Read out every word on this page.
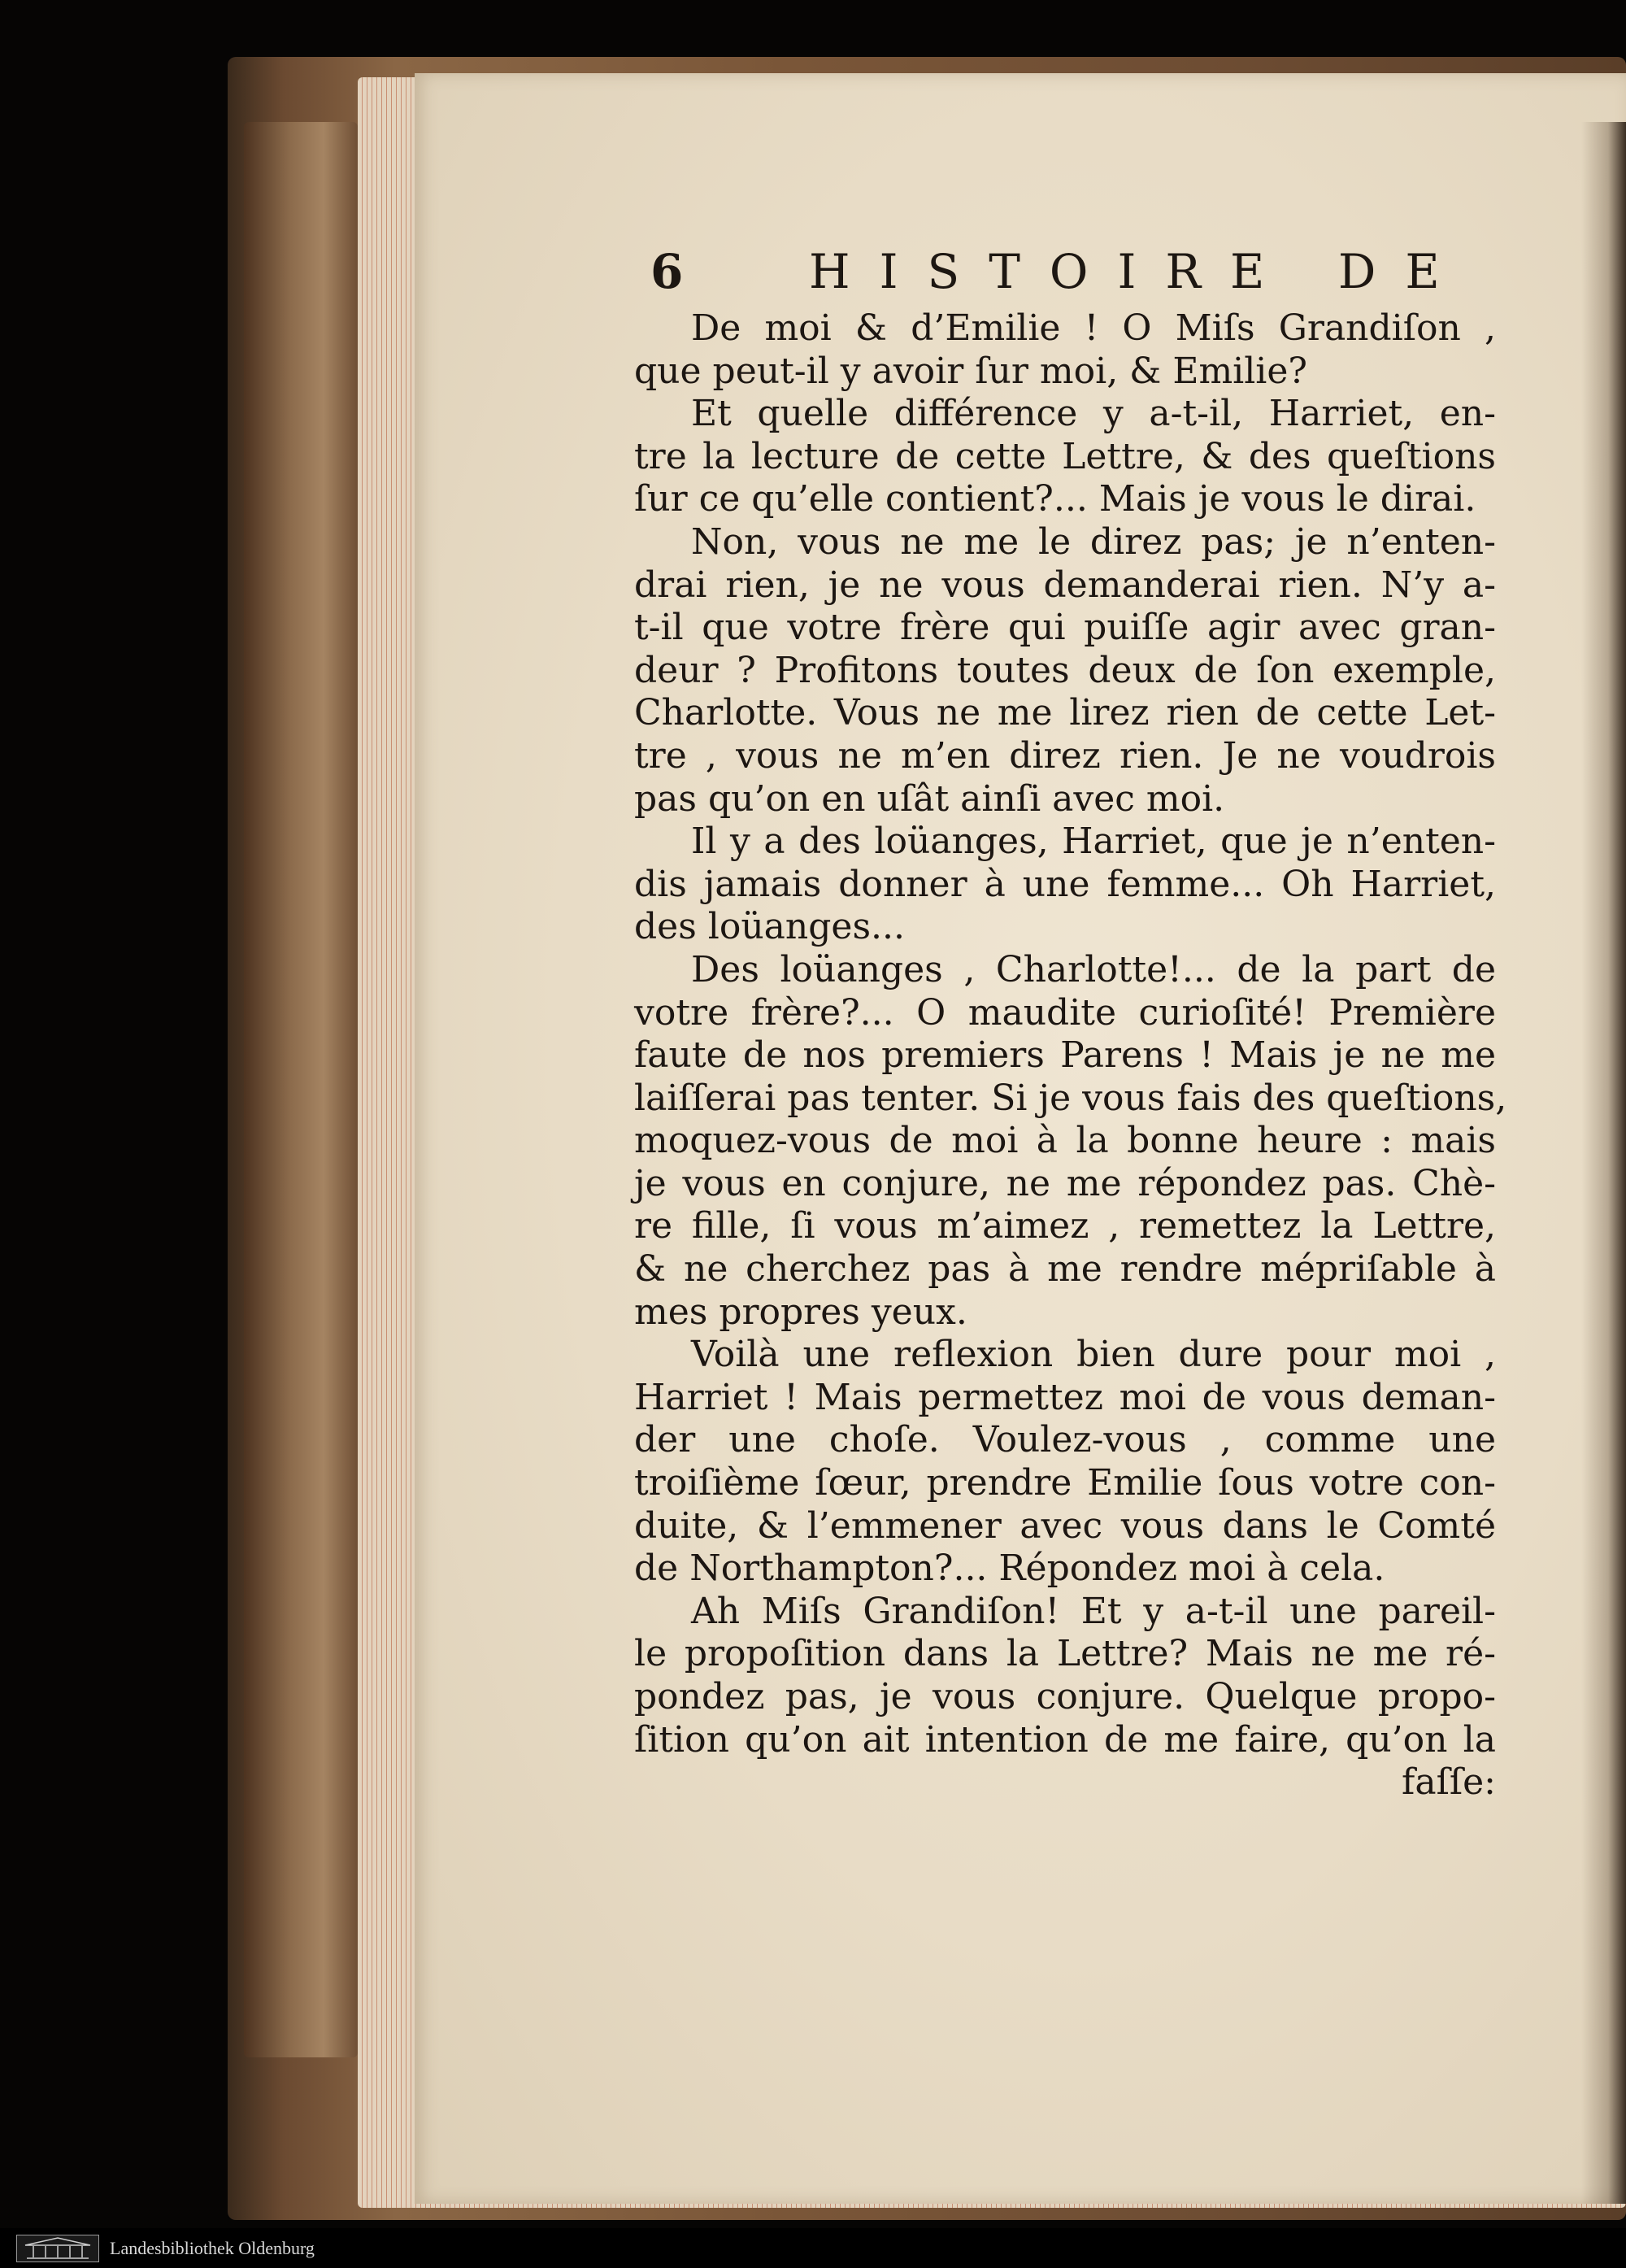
6	HISTOIRE DE
De moi & d’Emilie ! O Miſs Grandiſon ,
que peut-il y avoir ſur moi, & Emilie?
Et quelle différence y a-t-il, Harriet, en-
tre la lecture de cette Lettre, & des queſtions
ſur ce qu’elle contient?... Mais je vous le dirai.
Non, vous ne me le direz pas; je n’enten-
drai rien, je ne vous demanderai rien. N’y a-
t-il que votre frère qui puiſſe agir avec gran-
deur ? Profitons toutes deux de ſon exemple,
Charlotte. Vous ne me lirez rien de cette Let-
tre , vous ne m’en direz rien. Je ne voudrois
pas qu’on en uſât ainſi avec moi.
Il y a des loüanges, Harriet, que je n’enten-
dis jamais donner à une femme... Oh Harriet,
des loüanges...
Des loüanges , Charlotte!... de la part de
votre frère?... O maudite curioſité! Première
faute de nos premiers Parens ! Mais je ne me
laiſſerai pas tenter. Si je vous fais des queſtions,
moquez-vous de moi à la bonne heure : mais
je vous en conjure, ne me répondez pas. Chè-
re fille, ſi vous m’aimez , remettez la Lettre,
& ne cherchez pas à me rendre mépriſable à
mes propres yeux.
Voilà une reflexion bien dure pour moi ,
Harriet ! Mais permettez moi de vous deman-
der une choſe. Voulez-vous , comme une
troiſième ſœur, prendre Emilie ſous votre con-
duite, & l’emmener avec vous dans le Comté
de Northampton?... Répondez moi à cela.
Ah Miſs Grandiſon! Et y a-t-il une pareil-
le propoſition dans la Lettre? Mais ne me ré-
pondez pas, je vous conjure. Quelque propo-
ſition qu’on ait intention de me faire, qu’on la
faſſe:
Landesbibliothek Oldenburg
